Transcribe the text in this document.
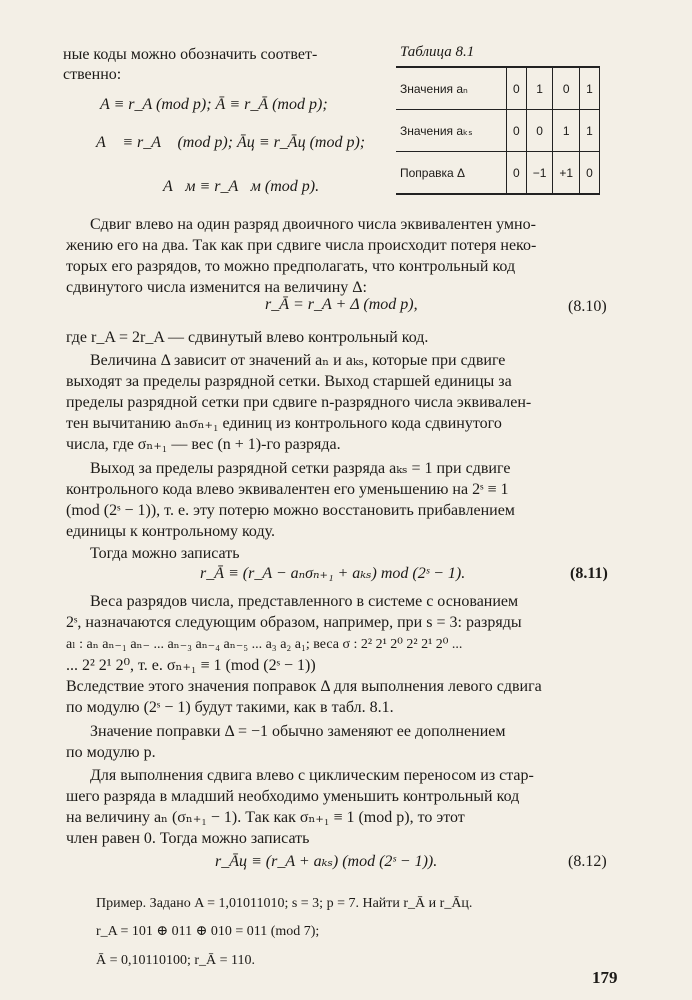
ные коды можно обозначить соответ-
ственно:
A ≡ r_A (mod p); Ā ≡ r_Ā (mod p);
A⃗ ≡ r_A⃗ (mod p); Āц ≡ r_Āц (mod p);
A⃗м ≡ r_A⃗м (mod p).
Таблица 8.1
Значения aₙ	0	1	0	1
Значения aₖₛ	0	0	1	1
Поправка Δ	0	−1	+1	0
Сдвиг влево на один разряд двоичного числа эквивалентен умно-
жению его на два. Так как при сдвиге числа происходит потеря неко-
торых его разрядов, то можно предполагать, что контрольный код
сдвинутого числа изменится на величину Δ:
r_Ā = r_A + Δ (mod p),	(8.10)
где r_A = 2r_A — сдвинутый влево контрольный код.
Величина Δ зависит от значений aₙ и aₖₛ, которые при сдвиге
выходят за пределы разрядной сетки. Выход старшей единицы за
пределы разрядной сетки при сдвиге n-разрядного числа эквивален-
тен вычитанию aₙσₙ₊₁ единиц из контрольного кода сдвинутого
числа, где σₙ₊₁ — вес (n + 1)-го разряда.
Выход за пределы разрядной сетки разряда aₖₛ = 1 при сдвиге
контрольного кода влево эквивалентен его уменьшению на 2ˢ ≡ 1
(mod (2ˢ − 1)), т. е. эту потерю можно восстановить прибавлением
единицы к контрольному коду.
Тогда можно записать
r_Ā ≡ (r_A − aₙσₙ₊₁ + aₖₛ) mod (2ˢ − 1).	(8.11)
Веса разрядов числа, представленного в системе с основанием
2ˢ, назначаются следующим образом, например, при s = 3: разряды
aₗ : aₙ aₙ₋₁ aₙ₋ ... aₙ₋₃ aₙ₋₄ aₙ₋₅ ... a₃ a₂ a₁; веса σ : 2² 2¹ 2⁰ 2² 2¹ 2⁰ ...
... 2² 2¹ 2⁰, т. е. σₙ₊₁ ≡ 1 (mod (2ˢ − 1))
Вследствие этого значения поправок Δ для выполнения левого сдвига
по модулю (2ˢ − 1) будут такими, как в табл. 8.1.
Значение поправки Δ = −1 обычно заменяют ее дополнением
по модулю p.
Для выполнения сдвига влево с циклическим переносом из стар-
шего разряда в младший необходимо уменьшить контрольный код
на величину aₙ (σₙ₊₁ − 1). Так как σₙ₊₁ ≡ 1 (mod p), то этот
член равен 0. Тогда можно записать
r_Āц ≡ (r_A + aₖₛ) (mod (2ˢ − 1)).	(8.12)
Пример. Задано A = 1,01011010; s = 3; p = 7. Найти r_Ā и r_Āц.
r_A = 101 ⊕ 011 ⊕ 010 = 011 (mod 7);
Ā = 0,10110100; r_Ā = 110.
179
